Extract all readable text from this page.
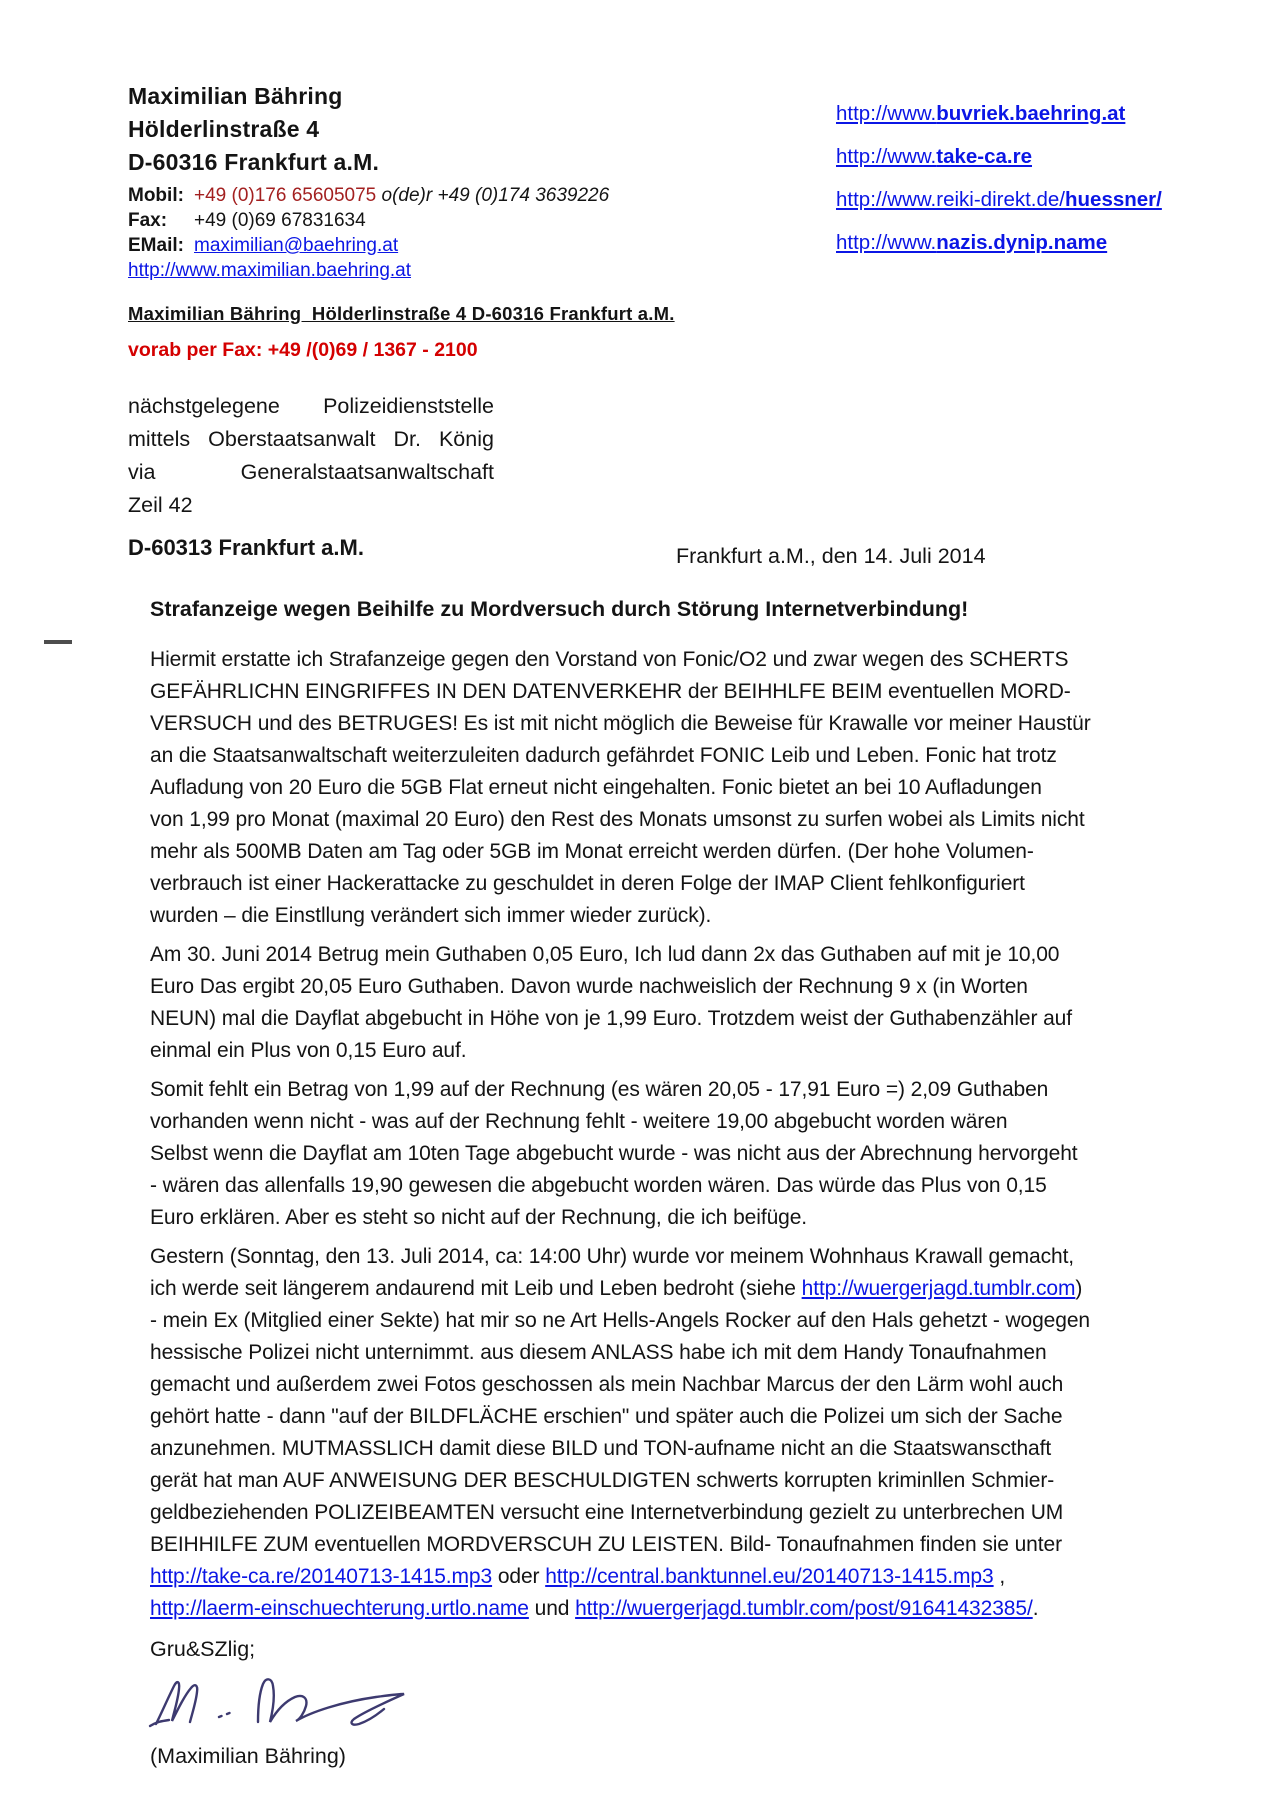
Maximilian Bähring
Hölderlinstraße 4
D-60316 Frankfurt a.M.
Mobil: +49 (0)176 65605075 o(de)r +49 (0)174 3639226
Fax: +49 (0)69 67831634
EMail: maximilian@baehring.at
http://www.maximilian.baehring.at
http://www.buvriek.baehring.at
http://www.take-ca.re
http://www.reiki-direkt.de/huessner/
http://www.nazis.dynip.name
Maximilian Bähring  Hölderlinstraße 4 D-60316 Frankfurt a.M.
vorab per Fax: +49 /(0)69 / 1367 - 2100
nächstgelegene Polizeidienststelle
mittels Oberstaatsanwalt Dr. König
via	Generalstaatsanwaltschaft
Zeil 42
D-60313 Frankfurt a.M.	Frankfurt a.M., den 14. Juli 2014
Strafanzeige wegen Beihilfe zu Mordversuch durch Störung Internetverbindung!
Hiermit erstatte ich Strafanzeige gegen den Vorstand von Fonic/O2 und zwar wegen des SCHERTS
GEFÄHRLICHN EINGRIFFES IN DEN DATENVERKEHR der BEIHHLFE BEIM eventuellen MORD-
VERSUCH und des BETRUGES! Es ist mit nicht möglich die Beweise für Krawalle vor meiner Haustür
an die Staatsanwaltschaft weiterzuleiten dadurch gefährdet FONIC Leib und Leben. Fonic hat trotz
Aufladung von 20 Euro die 5GB Flat erneut nicht eingehalten. Fonic bietet an bei 10 Aufladungen
von 1,99 pro Monat (maximal 20 Euro) den Rest des Monats umsonst zu surfen wobei als Limits nicht
mehr als 500MB Daten am Tag oder 5GB im Monat erreicht werden dürfen. (Der hohe Volumen-
verbrauch ist einer Hackerattacke zu geschuldet in deren Folge der IMAP Client fehlkonfiguriert
wurden – die Einstllung verändert sich immer wieder zurück).
Am 30. Juni 2014 Betrug mein Guthaben 0,05 Euro, Ich lud dann 2x das Guthaben auf mit je 10,00
Euro Das ergibt 20,05 Euro Guthaben. Davon wurde nachweislich der Rechnung 9 x (in Worten
NEUN) mal die Dayflat abgebucht in Höhe von je 1,99 Euro. Trotzdem weist der Guthabenzähler auf
einmal ein Plus von 0,15 Euro auf.
Somit fehlt ein Betrag von 1,99 auf der Rechnung (es wären 20,05 - 17,91 Euro =) 2,09 Guthaben
vorhanden wenn nicht - was auf der Rechnung fehlt - weitere 19,00 abgebucht worden wären
Selbst wenn die Dayflat am 10ten Tage abgebucht wurde - was nicht aus der Abrechnung hervorgeht
- wären das allenfalls 19,90 gewesen die abgebucht worden wären. Das würde das Plus von 0,15
Euro erklären. Aber es steht so nicht auf der Rechnung, die ich beifüge.
Gestern (Sonntag, den 13. Juli 2014, ca: 14:00 Uhr) wurde vor meinem Wohnhaus Krawall gemacht,
ich werde seit längerem andaurend mit Leib und Leben bedroht (siehe http://wuergerjagd.tumblr.com)
- mein Ex (Mitglied einer Sekte) hat mir so ne Art Hells-Angels Rocker auf den Hals gehetzt - wogegen
hessische Polizei nicht unternimmt. aus diesem ANLASS habe ich mit dem Handy Tonaufnahmen
gemacht und außerdem zwei Fotos geschossen als mein Nachbar Marcus der den Lärm wohl auch
gehört hatte - dann "auf der BILDFLÄCHE erschien" und später auch die Polizei um sich der Sache
anzunehmen. MUTMASSLICH damit diese BILD und TON-aufname nicht an die Staatswanscthaft
gerät hat man AUF ANWEISUNG DER BESCHULDIGTEN schwerts korrupten kriminllen Schmier-
geldbeziehenden POLIZEIBEAMTEN versucht eine Internetverbindung gezielt zu unterbrechen UM
BEIHHILFE ZUM eventuellen MORDVERSCUH ZU LEISTEN. Bild- Tonaufnahmen finden sie unter
http://take-ca.re/20140713-1415.mp3 oder http://central.banktunnel.eu/20140713-1415.mp3 ,
http://laerm-einschuechterung.urtlo.name und http://wuergerjagd.tumblr.com/post/91641432385/.
Gru&SZlig;
(Maximilian Bähring)
